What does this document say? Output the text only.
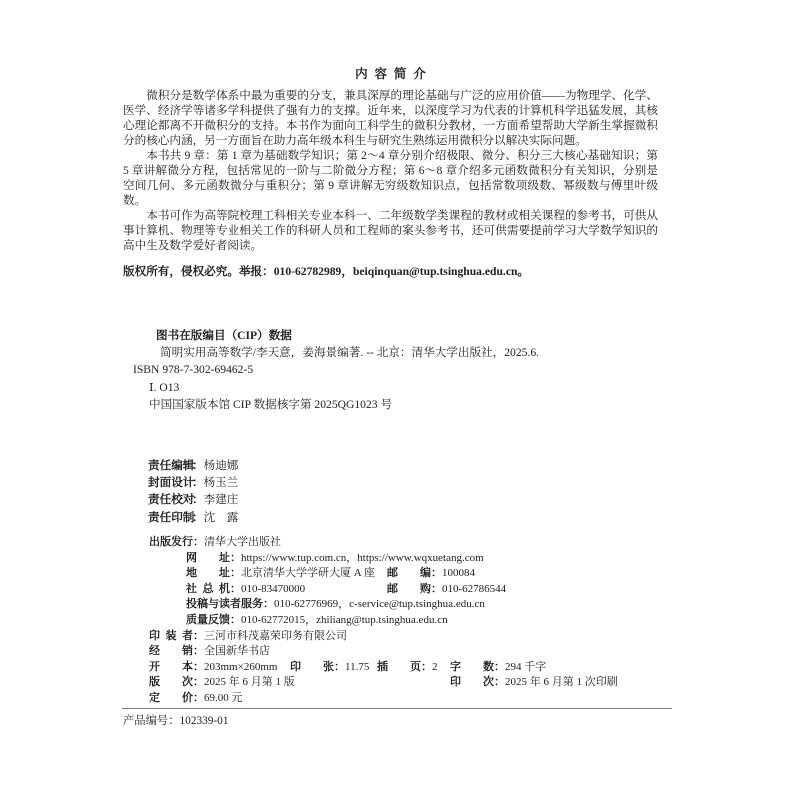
内容简介

微积分是数学体系中最为重要的分支，兼具深厚的理论基础与广泛的应用价值——为物理学、化学、医学、经济学等诸多学科提供了强有力的支撑。近年来，以深度学习为代表的计算机科学迅猛发展，其核心理论都离不开微积分的支持。本书作为面向工科学生的微积分教材，一方面希望帮助大学新生掌握微积分的核心内涵，另一方面旨在助力高年级本科生与研究生熟练运用微积分以解决实际问题。

本书共 9 章：第 1 章为基础数学知识；第 2～4 章分别介绍极限、微分、积分三大核心基础知识；第 5 章讲解微分方程，包括常见的一阶与二阶微分方程；第 6～8 章介绍多元函数微积分有关知识，分别是空间几何、多元函数微分与重积分；第 9 章讲解无穷级数知识点，包括常数项级数、幂级数与傅里叶级数。

本书可作为高等院校理工科相关专业本科一、二年级数学类课程的教材或相关课程的参考书，可供从事计算机、物理等专业相关工作的科研人员和工程师的案头参考书，还可供需要提前学习大学数学知识的高中生及数学爱好者阅读。

版权所有，侵权必究。举报：010-62782989，beiqinquan@tup.tsinghua.edu.cn。
图书在版编目（CIP）数据
简明实用高等数学/李天意，姜海景编著. -- 北京：清华大学出版社，2025.6.
ISBN 978-7-302-69462-5
Ⅰ. O13
中国国家版本馆 CIP 数据核字第 2025QG1023 号
责任编辑：杨迪娜
封面设计：杨玉兰
责任校对：李建庄
责任印制：沈　露
出版发行：清华大学出版社
网址：https://www.tup.com.cn，https://www.wqxuetang.com
地址：北京清华大学学研大厦 A 座 邮编：100084
社总机：010-83470000	邮购：010-62786544
投稿与读者服务：010-62776969，c-service@tup.tsinghua.edu.cn
质量反馈：010-62772015，zhiliang@tup.tsinghua.edu.cn
印装者：三河市科茂嘉荣印务有限公司
经销：全国新华书店
开本：203mm×260mm 印张：11.75 插页：2 字数：294 千字
版次：2025 年 6 月第 1 版	印次：2025 年 6 月第 1 次印刷
定价：69.00 元
产品编号：102339-01
